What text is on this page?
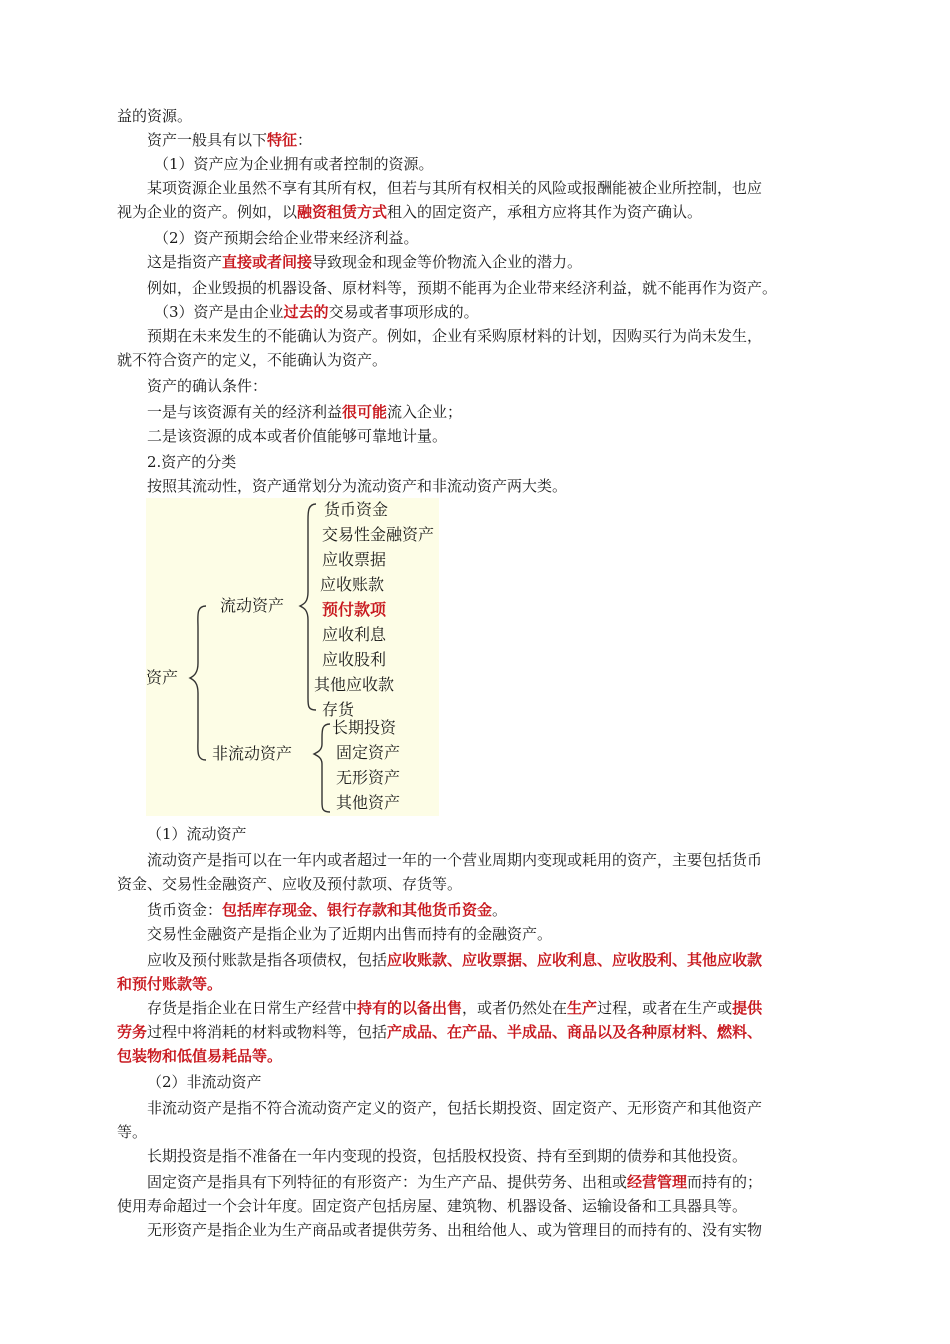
益的资源。

资产一般具有以下特征：

（1）资产应为企业拥有或者控制的资源。

某项资源企业虽然不享有其所有权，但若与其所有权相关的风险或报酬能被企业所控制，也应

视为企业的资产。例如，以融资租赁方式租入的固定资产，承租方应将其作为资产确认。

（2）资产预期会给企业带来经济利益。

这是指资产直接或者间接导致现金和现金等价物流入企业的潜力。

例如，企业毁损的机器设备、原材料等，预期不能再为企业带来经济利益，就不能再作为资产。

（3）资产是由企业过去的交易或者事项形成的。

预期在未来发生的不能确认为资产。例如，企业有采购原材料的计划，因购买行为尚未发生，

就不符合资产的定义，不能确认为资产。

资产的确认条件：

一是与该资源有关的经济利益很可能流入企业；

二是该资源的成本或者价值能够可靠地计量。

2.资产的分类

按照其流动性，资产通常划分为流动资产和非流动资产两大类。

资产
流动资产
非流动资产
货币资金
交易性金融资产
应收票据
应收账款
预付款项
应收利息
应收股利
其他应收款
存货
长期投资
固定资产
无形资产
其他资产

（1）流动资产

流动资产是指可以在一年内或者超过一年的一个营业周期内变现或耗用的资产，主要包括货币

资金、交易性金融资产、应收及预付款项、存货等。

货币资金：包括库存现金、银行存款和其他货币资金。

交易性金融资产是指企业为了近期内出售而持有的金融资产。

应收及预付账款是指各项债权，包括应收账款、应收票据、应收利息、应收股利、其他应收款

和预付账款等。

存货是指企业在日常生产经营中持有的以备出售，或者仍然处在生产过程，或者在生产或提供

劳务过程中将消耗的材料或物料等，包括产成品、在产品、半成品、商品以及各种原材料、燃料、

包装物和低值易耗品等。

（2）非流动资产

非流动资产是指不符合流动资产定义的资产，包括长期投资、固定资产、无形资产和其他资产

等。

长期投资是指不准备在一年内变现的投资，包括股权投资、持有至到期的债券和其他投资。

固定资产是指具有下列特征的有形资产：为生产产品、提供劳务、出租或经营管理而持有的；

使用寿命超过一个会计年度。固定资产包括房屋、建筑物、机器设备、运输设备和工具器具等。

无形资产是指企业为生产商品或者提供劳务、出租给他人、或为管理目的而持有的、没有实物
